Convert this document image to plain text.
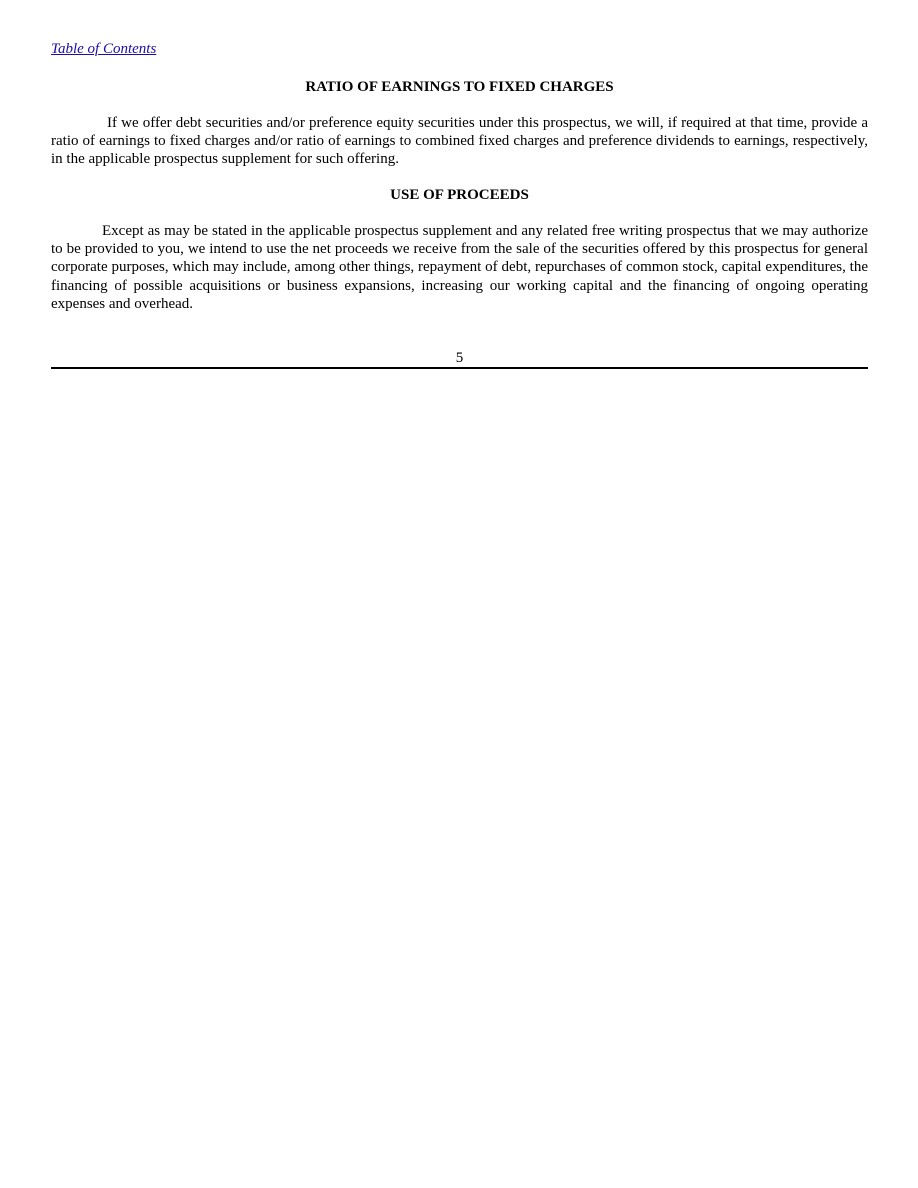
Table of Contents
RATIO OF EARNINGS TO FIXED CHARGES

If we offer debt securities and/or preference equity securities under this prospectus, we will, if required at that time, provide a ratio of earnings to fixed charges and/or ratio of earnings to combined fixed charges and preference dividends to earnings, respectively, in the applicable prospectus supplement for such offering.

USE OF PROCEEDS

Except as may be stated in the applicable prospectus supplement and any related free writing prospectus that we may authorize to be provided to you, we intend to use the net proceeds we receive from the sale of the securities offered by this prospectus for general corporate purposes, which may include, among other things, repayment of debt, repurchases of common stock, capital expenditures, the financing of possible acquisitions or business expansions, increasing our working capital and the financing of ongoing operating expenses and overhead.

5
